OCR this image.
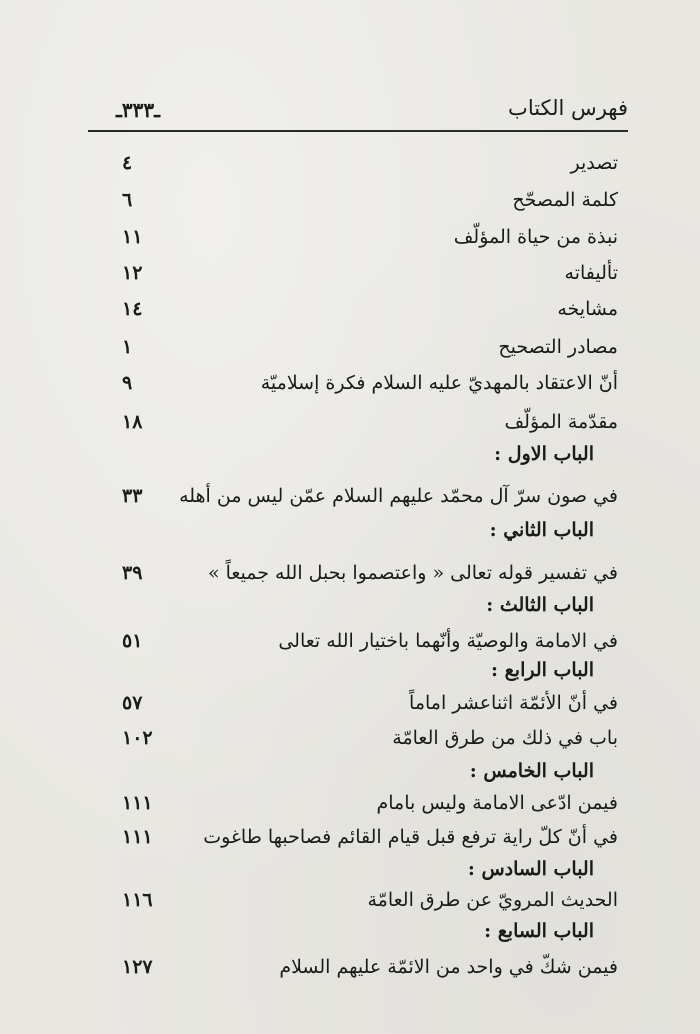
ـ٣٣٣ـ	فهرس الكتاب
تصدير
٤
كلمة المصحّح
٦
نبذة من حياة المؤلّف
١١
تأليفاته
١٢
مشايخه
١٤
مصادر التصحيح
١
أنّ الاعتقاد بالمهديّ عليه السلام فكرة إسلاميّة
٩
مقدّمة المؤلّف
١٨
الباب الاول :
في صون سرّ آل محمّد عليهم السلام عمّن ليس من أهله
٣٣
الباب الثاني :
في تفسير قوله تعالى « واعتصموا بحبل الله جميعاً »
٣٩
الباب الثالث :
في الامامة والوصيّة وأنّهما باختيار الله تعالى
٥١
الباب الرابع :
في أنّ الأئمّة اثناعشر اماماً
٥٧
باب في ذلك من طرق العامّة
١٠٢
الباب الخامس :
فيمن ادّعى الامامة وليس بامام
١١١
في أنّ كلّ راية ترفع قبل قيام القائم فصاحبها طاغوت
١١١
الباب السادس :
الحديث المرويّ عن طرق العامّة
١١٦
الباب السابع :
فيمن شكّ في واحد من الائمّة عليهم السلام
١٢٧
